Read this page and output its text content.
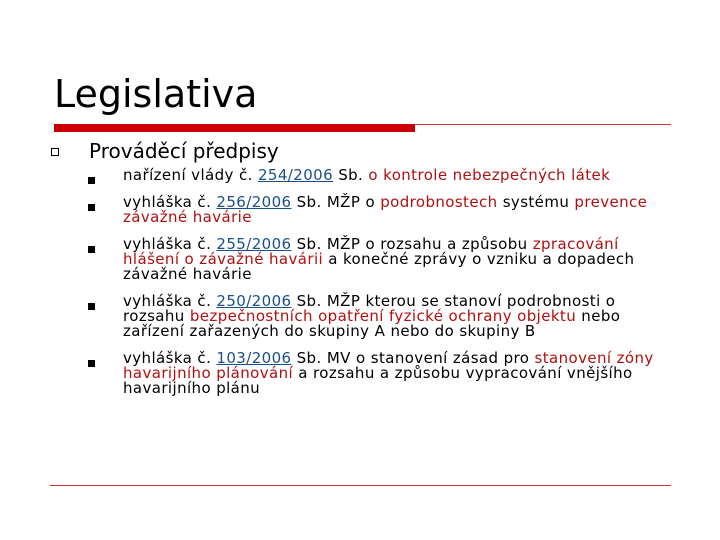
Legislativa
Prováděcí předpisy
nařízení vlády č. 254/2006 Sb. o kontrole nebezpečných látek
vyhláška č. 256/2006 Sb. MŽP o podrobnostech systému prevence závažné havárie
vyhláška č. 255/2006 Sb. MŽP o rozsahu a způsobu zpracování hlášení o závažné havárii a konečné zprávy o vzniku a dopadech závažné havárie
vyhláška č. 250/2006 Sb. MŽP kterou se stanoví podrobnosti o rozsahu bezpečnostních opatření fyzické ochrany objektu nebo zařízení zařazených do skupiny A nebo do skupiny B
vyhláška č. 103/2006 Sb. MV o stanovení zásad pro stanovení zóny havarijního plánování a rozsahu a způsobu vypracování vnějšího havarijního plánu
